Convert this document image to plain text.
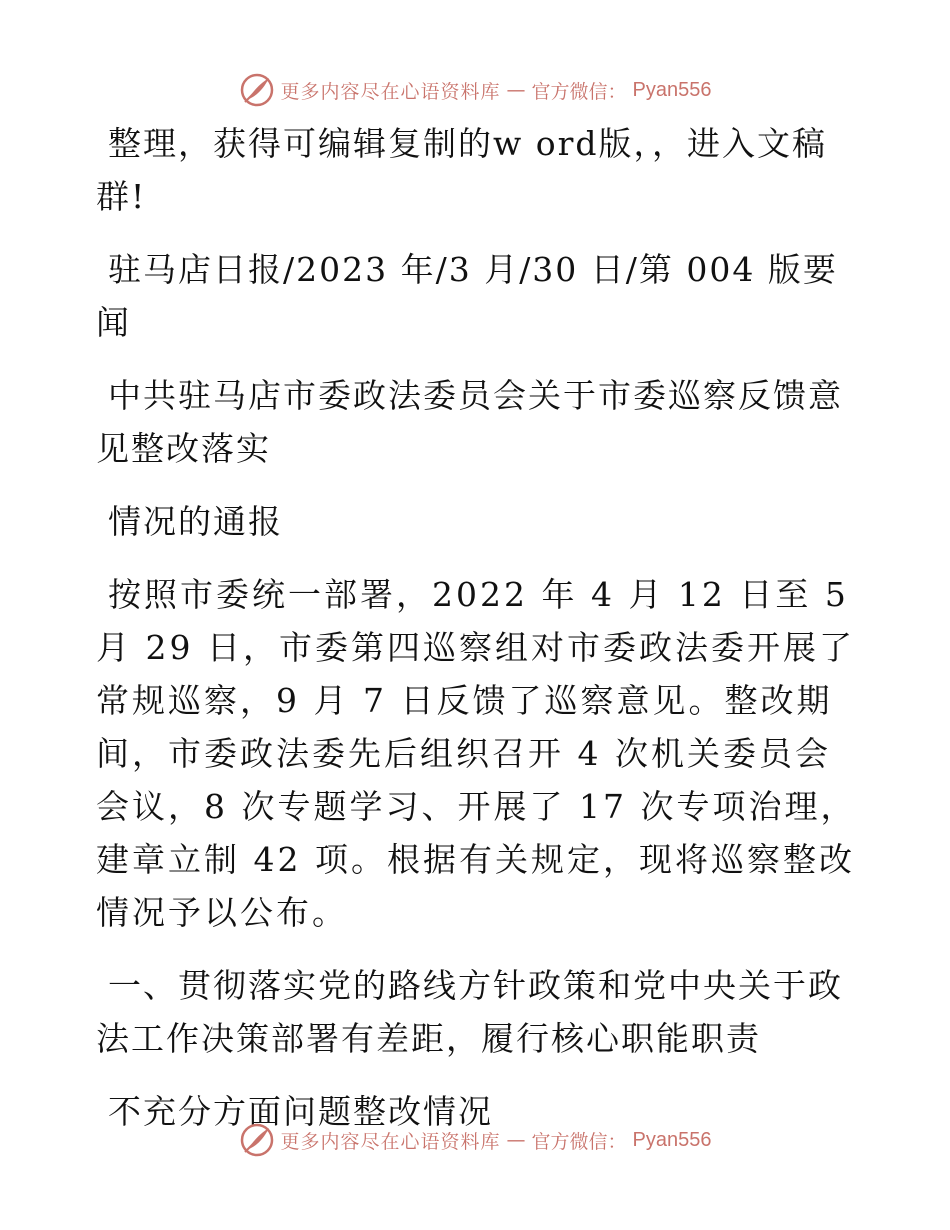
更多内容尽在心语资料库 — 官方微信： Pyan556

整理，获得可编辑复制的w ord版，，进入文稿群!

驻马店日报/2023 年/3 月/30 日/第 004 版要闻

中共驻马店市委政法委员会关于市委巡察反馈意见整改落实

情况的通报

按照市委统一部署，2022 年 4 月 12 日至 5 月 29 日，市委第四巡察组对市委政法委开展了常规巡察，9 月 7 日反馈了巡察意见。整改期间，市委政法委先后组织召开 4 次机关委员会会议，8 次专题学习、开展了 17 次专项治理，建章立制 42 项。根据有关规定，现将巡察整改情况予以公布。

一、贯彻落实党的路线方针政策和党中央关于政法工作决策部署有差距，履行核心职能职责

不充分方面问题整改情况

更多内容尽在心语资料库 — 官方微信： Pyan556
